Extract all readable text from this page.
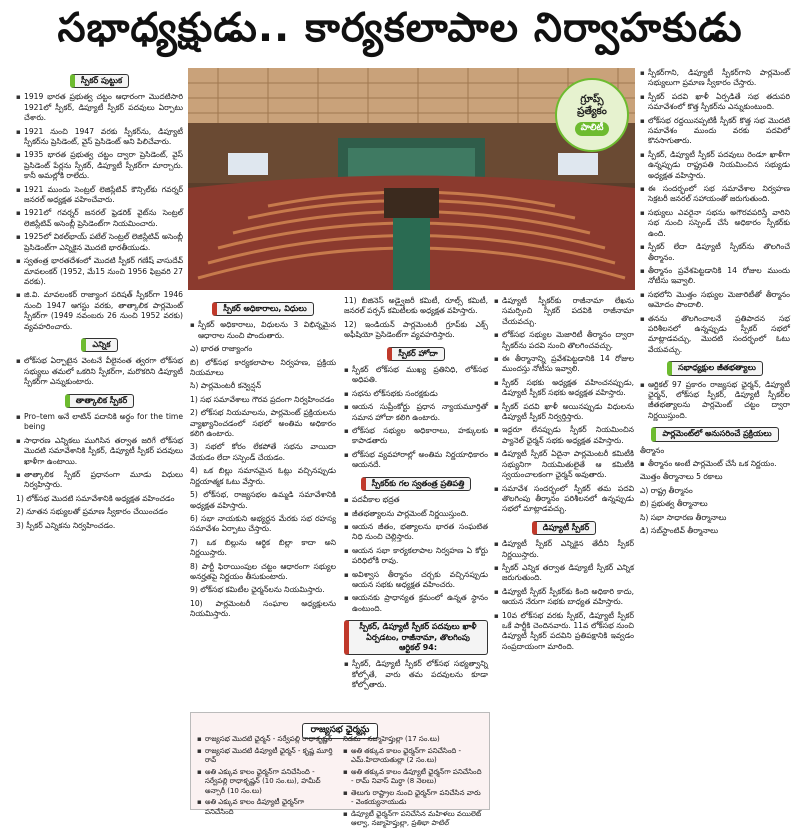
సభాధ్యక్షుడు.. కార్యకలాపాల నిర్వాహకుడు
స్పీకర్ పుట్టుక

▪ 1919 భారత ప్రభుత్వ చట్టం ఆధారంగా మొదటిసారి 1921లో స్పీకర్, డిప్యూటీ స్పీకర్ పదవులు ఏర్పాటు చేశారు.

▪ 1921 నుంచి 1947 వరకు స్పీకర్‌ను, డిప్యూటీ స్పీకర్‌ను ప్రెసిడెంట్, వైస్ ప్రెసిడెంట్ అని పిలిచేవారు.

▪ 1935 భారత ప్రభుత్వ చట్టం ద్వారా ప్రెసిడెంట్, వైస్ ప్రెసిడెంట్ పేర్లను స్పీకర్, డిప్యూటీ స్పీకర్‌గా మార్చారు. కానీ అమల్లోకి రాలేదు.

▪ 1921 ముందు సెంట్రల్ లెజిస్లేటివ్ కౌన్సిల్‌కు గవర్నర్ జనరల్ అధ్యక్షత వహించేవారు.

▪ 1921లో గవర్నర్ జనరల్ ఫ్రెడరిక్ వైట్‌ను సెంట్రల్ లెజిస్లేటివ్ అసెంబ్లీ ప్రెసిడెంట్‌గా నియమించారు.

▪ 1925లో విఠల్‌భాయ్ పటేల్ సెంట్రల్ లెజిస్లేటివ్ అసెంబ్లీ ప్రెసిడెంట్‌గా ఎన్నికైన మొదటి భారతీయుడు.

▪ స్వతంత్ర భారతదేశంలో మొదటి స్పీకర్ గణేష్ వాసుదేవ్ మావలంకర్ (1952, మే15 నుంచి 1956 ఫిబ్రవరి 27 వరకు).

▪ జి.వి. మావలంకర్ రాజ్యాంగ పరిషత్ స్పీకర్‌గా 1946 నుంచి 1947 ఆగస్టు వరకు, తాత్కాలిక పార్లమెంట్ స్పీకర్‌గా (1949 నవంబరు 26 నుంచి 1952 వరకు) వ్యవహరించారు.

ఎన్నిక

▪ లోక్‌సభ ఏర్పాటైన వెంటనే వీలైనంత త్వరగా లోక్‌సభ సభ్యులు తమలో ఒకరిని స్పీకర్‌గా, మరొకరిని డిప్యూటీ స్పీకర్‌గా ఎన్నుకుంటారు.

తాత్కాలిక స్పీకర్

▪ Pro–tem అనే లాటిన్ పదానికి అర్థం for the time being

▪ సాధారణ ఎన్నికలు ముగిసిన తర్వాత జరిగే లోక్‌సభ మొదటి సమావేశానికి స్పీకర్, డిప్యూటీ స్పీకర్ పదవులు ఖాళీగా ఉంటాయి.

▪ తాత్కాలిక స్పీకర్ ప్రధానంగా మూడు విధులు నిర్వహిస్తారు.

1) లోక్‌సభ మొదటి సమావేశానికి అధ్యక్షత వహించడం

2) నూతన సభ్యులతో ప్రమాణ స్వీకారం చేయించడం

3) స్పీకర్ ఎన్నికను నిర్వహించడం.

గ్రూప్స్
ప్రత్యేకం
పాలిటీ
స్పీకర్ అధికారాలు, విధులు

▪ స్పీకర్ అధికారాలు, విధులను 3 విభిన్నమైన ఆధారాల నుంచి పొందుతారు.

ఎ) భారత రాజ్యాంగం

బి) లోక్‌సభ కార్యకలాపాల నిర్వహణ, ప్రక్రియ నియమాలు

సి) పార్లమెంటరీ కన్వెన్షన్

1) సభ సమావేశాలు గౌరవ ప్రదంగా నిర్వహించడం

2) లోక్‌సభ నియమాలను, పార్లమెంట్ ప్రక్రియలను వ్యాఖ్యానించడంలో సభలో అంతిమ అధికారం కలిగి ఉంటారు.

3) సభలో కోరం లేకపోతే సభను వాయిదా వేయడం లేదా సస్పెండ్ చేయడం.

4) ఒక బిల్లు సమానమైన ఓట్లు వచ్చినప్పుడు నిర్ణయాత్మక ఓటు వేస్తారు.

5) లోక్‌సభ, రాజ్యసభల ఉమ్మడి సమావేశానికి అధ్యక్షత వహిస్తారు.

6) సభా నాయకుని అభ్యర్థన మేరకు సభ రహస్య సమావేశం ఏర్పాటు చేస్తారు.

7) ఒక బిల్లును ఆర్థిక బిల్లా కాదా అని నిర్ణయిస్తారు.

8) పార్టీ ఫిరాయింపుల చట్టం ఆధారంగా సభ్యుల అనర్హతపై నిర్ణయం తీసుకుంటారు.

9) లోక్‌సభ కమిటీల ఛైర్మన్‌లను నియమిస్తారు.

10) పార్లమెంటరీ సంఘాల అధ్యక్షులను నియమిస్తారు.

11) బిజినెస్ అడ్వైజరీ కమిటీ, రూల్స్ కమిటీ, జనరల్ పర్పస్ కమిటీలకు అధ్యక్షత వహిస్తారు.

12) ఇండియన్ పార్లమెంటరీ గ్రూప్‌కు ఎక్స్ అఫీషియో ప్రెసిడెంట్‌గా వ్యవహరిస్తారు.

స్పీకర్ హోదా

▪ స్పీకర్ లోక్‌సభ ముఖ్య ప్రతినిధి, లోక్‌సభ అధిపతి.

▪ సభను లోక్‌సభకు సంరక్షకుడు

▪ ఆయన సుప్రీంకోర్టు ప్రధాన న్యాయమూర్తితో సమాన హోదా కలిగి ఉంటారు.

▪ లోక్‌సభ సభ్యుల అధికారాలు, హక్కులకు కాపాడతారు

▪ లోక్‌సభ వ్యవహారాల్లో అంతిమ నిర్ణయాధికారం ఆయనదే.

స్పీకర్‌కు గల స్వతంత్ర ప్రతిపత్తి

▪ పదవీకాల భద్రత

▪ జీతభత్యాలను పార్లమెంట్ నిర్ణయిస్తుంది.

▪ ఆయన జీతం, భత్యాలను భారత సంఘటిత నిధి నుంచి చెల్లిస్తారు.

▪ ఆయన సభా కార్యకలాపాల నిర్వహణ ఏ కోర్టు పరిధిలోకి రావు.

▪ అవిశ్వాస తీర్మానం చర్చకు వచ్చినప్పుడు ఆయన సభకు అధ్యక్షత వహించరు.

▪ ఆయనకు ప్రాధాన్యత క్రమంలో ఉన్నత స్థానం ఉంటుంది.

స్పీకర్, డిప్యూటీ స్పీకర్ పదవులు ఖాళీ ఏర్పడటం, రాజీనామా, తొలగింపు ఆర్టికల్ 94:

▪ స్పీకర్, డిప్యూటీ స్పీకర్ లోక్‌సభ సభ్యత్వాన్ని కోల్పోతే, వారు తమ పదవులను కూడా కోల్పోతారు.

▪ డిప్యూటీ స్పీకర్‌కు రాజీనామా లేఖను సమర్పించి స్పీకర్ పదవికి రాజీనామా చేయవచ్చు.

▪ లోక్‌సభ సభ్యుల మెజారిటీ తీర్మానం ద్వారా స్పీకర్‌ను పదవి నుంచి తొలగించవచ్చు.

▪ ఈ తీర్మానాన్ని ప్రవేశపెట్టడానికి 14 రోజుల ముందస్తు నోటీసు ఇవ్వాలి.

▪ స్పీకర్ సభకు అధ్యక్షత వహించనప్పుడు, డిప్యూటీ స్పీకర్ సభకు అధ్యక్షత వహిస్తారు.

▪ స్పీకర్ పదవి ఖాళీ అయినప్పుడు విధులను డిప్యూటీ స్పీకర్ నిర్వర్తిస్తారు.

▪ ఇద్దరూ లేనప్పుడు స్పీకర్ నియమించిన ప్యానెల్ ఛైర్మన్ సభకు అధ్యక్షత వహిస్తారు.

▪ డిప్యూటీ స్పీకర్ ఏదైనా పార్లమెంటరీ కమిటీకి సభ్యునిగా నియమితులైతే ఆ కమిటీకి స్వయంచాలకంగా ఛైర్మన్ అవుతారు.

▪ సమావేశ సందర్భంలో స్పీకర్ తమ పదవి తొలగింపు తీర్మానం పరిశీలనలో ఉన్నప్పుడు సభలో మాట్లాడవచ్చు.

డిప్యూటీ స్పీకర్

▪ డిప్యూటీ స్పీకర్ ఎన్నికైన తేదీని స్పీకర్ నిర్ణయిస్తారు.

▪ స్పీకర్ ఎన్నిక తర్వాత డిప్యూటీ స్పీకర్ ఎన్నిక జరుగుతుంది.

▪ డిప్యూటీ స్పీకర్ స్పీకర్‌కు కింది అధికారి కాదు, ఆయన నేరుగా సభకు బాధ్యత వహిస్తారు.

▪ 10వ లోక్‌సభ వరకు స్పీకర్, డిప్యూటీ స్పీకర్ ఒకే పార్టీకి చెందినవారు. 11వ లోక్‌సభ నుంచి డిప్యూటీ స్పీకర్ పదవిని ప్రతిపక్షానికి ఇవ్వడం సంప్రదాయంగా మారింది.

▪ స్పీకర్‌గాని, డిప్యూటీ స్పీకర్‌గాని పార్లమెంట్ సభ్యులుగా ప్రమాణ స్వీకారం చేస్తారు.

▪ స్పీకర్ పదవి ఖాళీ ఏర్పడితే సభ తదుపరి సమావేశంలో కొత్త స్పీకర్‌ను ఎన్నుకుంటుంది.

▪ లోక్‌సభ రద్దయినప్పటికీ స్పీకర్ కొత్త సభ మొదటి సమావేశం ముందు వరకు పదవిలో కొనసాగుతారు.

▪ స్పీకర్, డిప్యూటీ స్పీకర్ పదవులు రెండూ ఖాళీగా ఉన్నప్పుడు రాష్ట్రపతి నియమించిన సభ్యుడు అధ్యక్షత వహిస్తారు.

▪ ఈ సందర్భంలో సభ సమావేశాల నిర్వహణ సెక్రటరీ జనరల్ సహాయంతో జరుగుతుంది.

▪ సభ్యులు ఎవరైనా సభను అగౌరవపరిస్తే వారిని సభ నుంచి సస్పెండ్ చేసే అధికారం స్పీకర్‌కు ఉంది.

▪ స్పీకర్ లేదా డిప్యూటీ స్పీకర్‌ను తొలగించే తీర్మానం.

▪ తీర్మానం ప్రవేశపెట్టడానికి 14 రోజుల ముందు నోటీసు ఇవ్వాలి.

▪ సభలోని మొత్తం సభ్యుల మెజారిటీతో తీర్మానం ఆమోదం పొందాలి.

▪ తనను తొలగించాలనే ప్రతిపాదన సభ పరిశీలనలో ఉన్నప్పుడు స్పీకర్ సభలో మాట్లాడవచ్చు, మొదటి సందర్భంలో ఓటు వేయవచ్చు.

సభాధ్యక్షుల జీతభత్యాలు

▪ ఆర్టికల్ 97 ప్రకారం రాజ్యసభ ఛైర్మన్, డిప్యూటీ ఛైర్మన్, లోక్‌సభ స్పీకర్, డిప్యూటీ స్పీకర్‌ల జీతభత్యాలను పార్లమెంట్ చట్టం ద్వారా నిర్ణయిస్తుంది.

పార్లమెంట్‌లో అనుసరించే ప్రక్రియలు

తీర్మానం

▪ తీర్మానం అంటే పార్లమెంట్ చేసే ఒక నిర్ణయం.

మొత్తం తీర్మానాలు 5 రకాలు

ఎ) రాష్ట్ర తీర్మానం

బి) ప్రభుత్వ తీర్మానాలు

సి) సభా సాధారణ తీర్మానాలు

డి) సబ్‌స్టాంటివ్ తీర్మానాలు

రాజ్యసభ ఛైర్మన్లు

▪ రాజ్యసభ మొదటి ఛైర్మన్ - సర్వేపల్లి రాధాకృష్ణన్

▪ రాజ్యసభ మొదటి డిప్యూటీ ఛైర్మన్ - కృష్ణ మూర్తి రావ్

▪ అతి ఎక్కువ కాలం ఛైర్మన్‌గా పనిచేసింది - సర్వేపల్లి రాధాకృష్ణన్ (10 సం.లు), హమీద్ అన్సారీ (10 సం.లు)

▪ అతి ఎక్కువ కాలం డిప్యూటీ ఛైర్మన్‌గా పనిచేసింది

నిడమ - నజ్మాహెప్తుల్లా (17 సం.లు)

▪ అతి తక్కువ కాలం ఛైర్మన్‌గా పనిచేసింది - ఎమ్.హిదాయతుల్లా (2 సం.లు)

▪ అతి తక్కువ కాలం డిప్యూటీ ఛైర్మన్‌గా పనిచేసింది - రామ్ నివాస్ మిర్ధా (8 నెలలు)

▪ తెలుగు రాష్ట్రాల నుంచి ఛైర్మన్‌గా పనిచేసిన వారు - వెంకయ్యనాయుడు

▪ డిప్యూటీ ఛైర్మన్‌గా పనిచేసిన మహిళలు వయిలెట్ ఆల్వా, నజ్మాహెప్తుల్లా, ప్రతిభా పాటిల్
